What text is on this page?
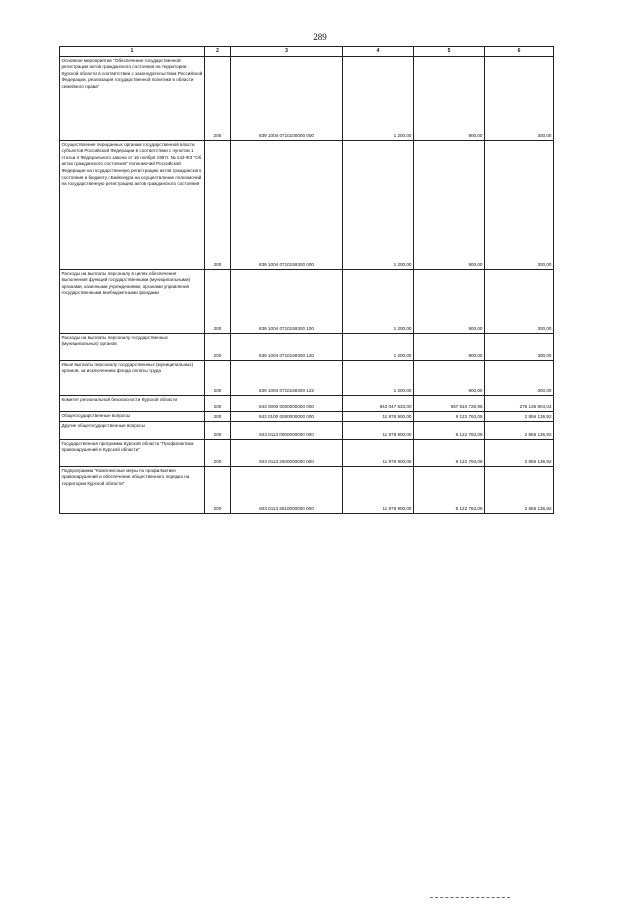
289
1	2	3	4	5	6
Основное мероприятие "Обеспечение государственной регистрации актов гражданского состояния на территории Курской области в соответствии с законодательством Российской Федерации, реализация государственной политики в области семейного права"	200	839 1004 0710100000 000	1 200,00	900,00	300,00
Осуществление переданных органам государственной власти субъектов Российской Федерации в соответствии с пунктом 1 статьи 4 Федерального закона от 15 ноября 1997г. № 143-ФЗ "Об актах гражданского состояния" полномочий Российской Федерации на государственную регистрацию актов гражданского состояния и бюджету г.Байконура на осуществление полномочий на государственную регистрацию актов гражданского состояния	200	839 1004 0710159300 000	1 200,00	900,00	300,00
Расходы на выплаты персоналу в целях обеспечения выполнения функций государственными (муниципальными) органами, казенными учреждениями, органами управления государственными внебюджетными фондами	200	839 1004 0710159300 100	1 200,00	900,00	300,00
Расходы на выплаты персоналу государственных (муниципальных) органов	200	839 1004 0710159300 120	1 200,00	900,00	300,00
Иные выплаты персоналу государственных (муниципальных) органов, за исключением фонда оплаты труда	200	839 1004 0710159300 122	1 200,00	900,00	300,00
Комитет региональной безопасности Курской области	200	843 0000 0000000000 000	843 047 533,00	567 910 728,96	275 136 804,04
Общегосударственные вопросы	200	843 0100 0000000000 000	11 978 900,00	9 122 763,08	2 856 136,92
Другие общегосударственные вопросы	200	843 0113 0000000000 000	11 978 900,00	9 122 763,08	2 856 136,92
Государственная программа Курской области "Профилактика правонарушений в Курской области"	200	843 0113 2600000000 000	11 978 900,00	9 122 763,08	2 856 136,92
Подпрограмма "Комплексные меры по профилактике правонарушений и обеспечение общественного порядка на территории Курской области"	200	843 0113 2610000000 000	11 978 900,00	9 122 763,08	2 856 136,92
